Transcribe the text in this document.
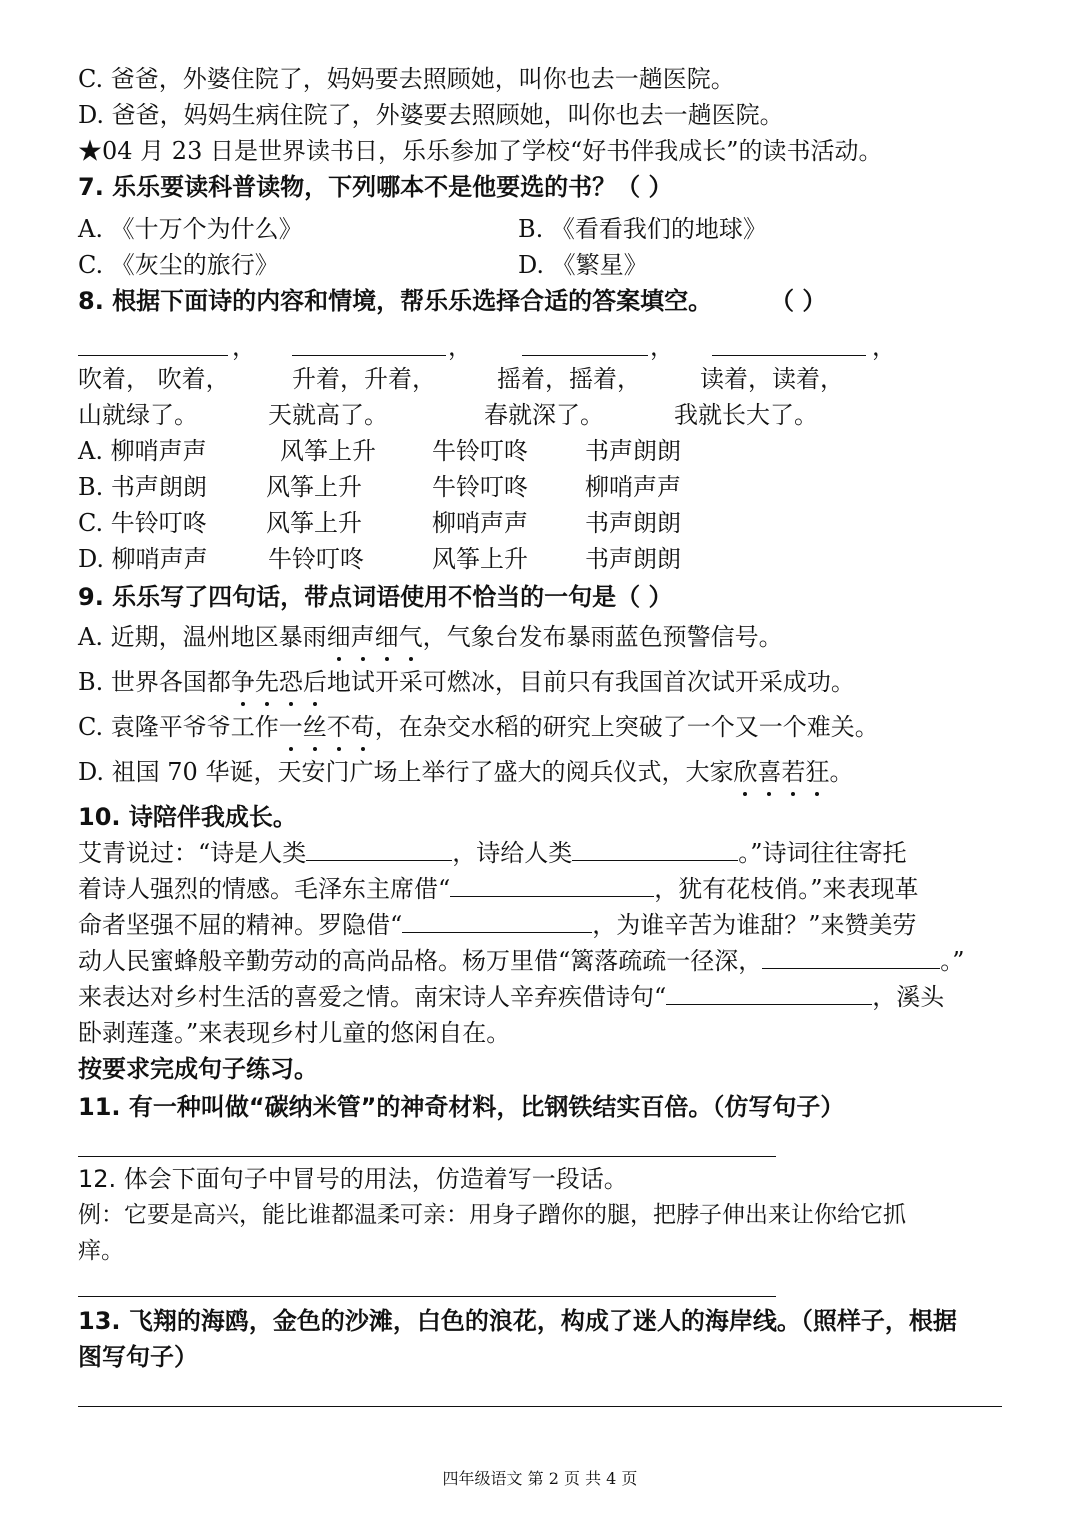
C. 爸爸，外婆住院了，妈妈要去照顾她，叫你也去一趟医院。
D. 爸爸，妈妈生病住院了，外婆要去照顾她，叫你也去一趟医院。
★04 月 23 日是世界读书日，乐乐参加了学校“好书伴我成长”的读书活动。
7. 乐乐要读科普读物，下列哪本不是他要选的书？（ ）
A. 《十万个为什么》	B. 《看看我们的地球》
C. 《灰尘的旅行》	D. 《繁星》
8. 根据下面诗的内容和情境，帮乐乐选择合适的答案填空。 （ ）
，	，	，	，
吹着， 吹着，	升着，升着，	摇着，摇着， 读着，读着，
山就绿了。	天就高了。	春就深了。	我就长大了。
A. 柳哨声声	风筝上升 牛铃叮咚 书声朗朗
B. 书声朗朗 风筝上升	牛铃叮咚 柳哨声声
C. 牛铃叮咚 风筝上升	柳哨声声 书声朗朗
D. 柳哨声声	牛铃叮咚	风筝上升 书声朗朗
9. 乐乐写了四句话，带点词语使用不恰当的一句是（ ）
A. 近期，温州地区暴雨细声细气，气象台发布暴雨蓝色预警信号。
B. 世界各国都争先恐后地试开采可燃冰，目前只有我国首次试开采成功。
C. 袁隆平爷爷工作一丝不苟，在杂交水稻的研究上突破了一个又一个难关。
D. 祖国 70 华诞，天安门广场上举行了盛大的阅兵仪式，大家欣喜若狂。
10. 诗陪伴我成长。
艾青说过：“诗是人类	，诗给人类	。”诗词往往寄托
着诗人强烈的情感。毛泽东主席借“	，犹有花枝俏。”来表现革
命者坚强不屈的精神。罗隐借“	，为谁辛苦为谁甜？”来赞美劳
动人民蜜蜂般辛勤劳动的高尚品格。杨万里借“篱落疏疏一径深，	。”
来表达对乡村生活的喜爱之情。南宋诗人辛弃疾借诗句“	，溪头
卧剥莲蓬。”来表现乡村儿童的悠闲自在。
按要求完成句子练习。
11. 有一种叫做“碳纳米管”的神奇材料，比钢铁结实百倍。（仿写句子）
12. 体会下面句子中冒号的用法，仿造着写一段话。
例：它要是高兴，能比谁都温柔可亲：用身子蹭你的腿，把脖子伸出来让你给它抓
痒。
13. 飞翔的海鸥，金色的沙滩，白色的浪花，构成了迷人的海岸线。（照样子，根据
图写句子）
四年级语文 第 2 页 共 4 页
